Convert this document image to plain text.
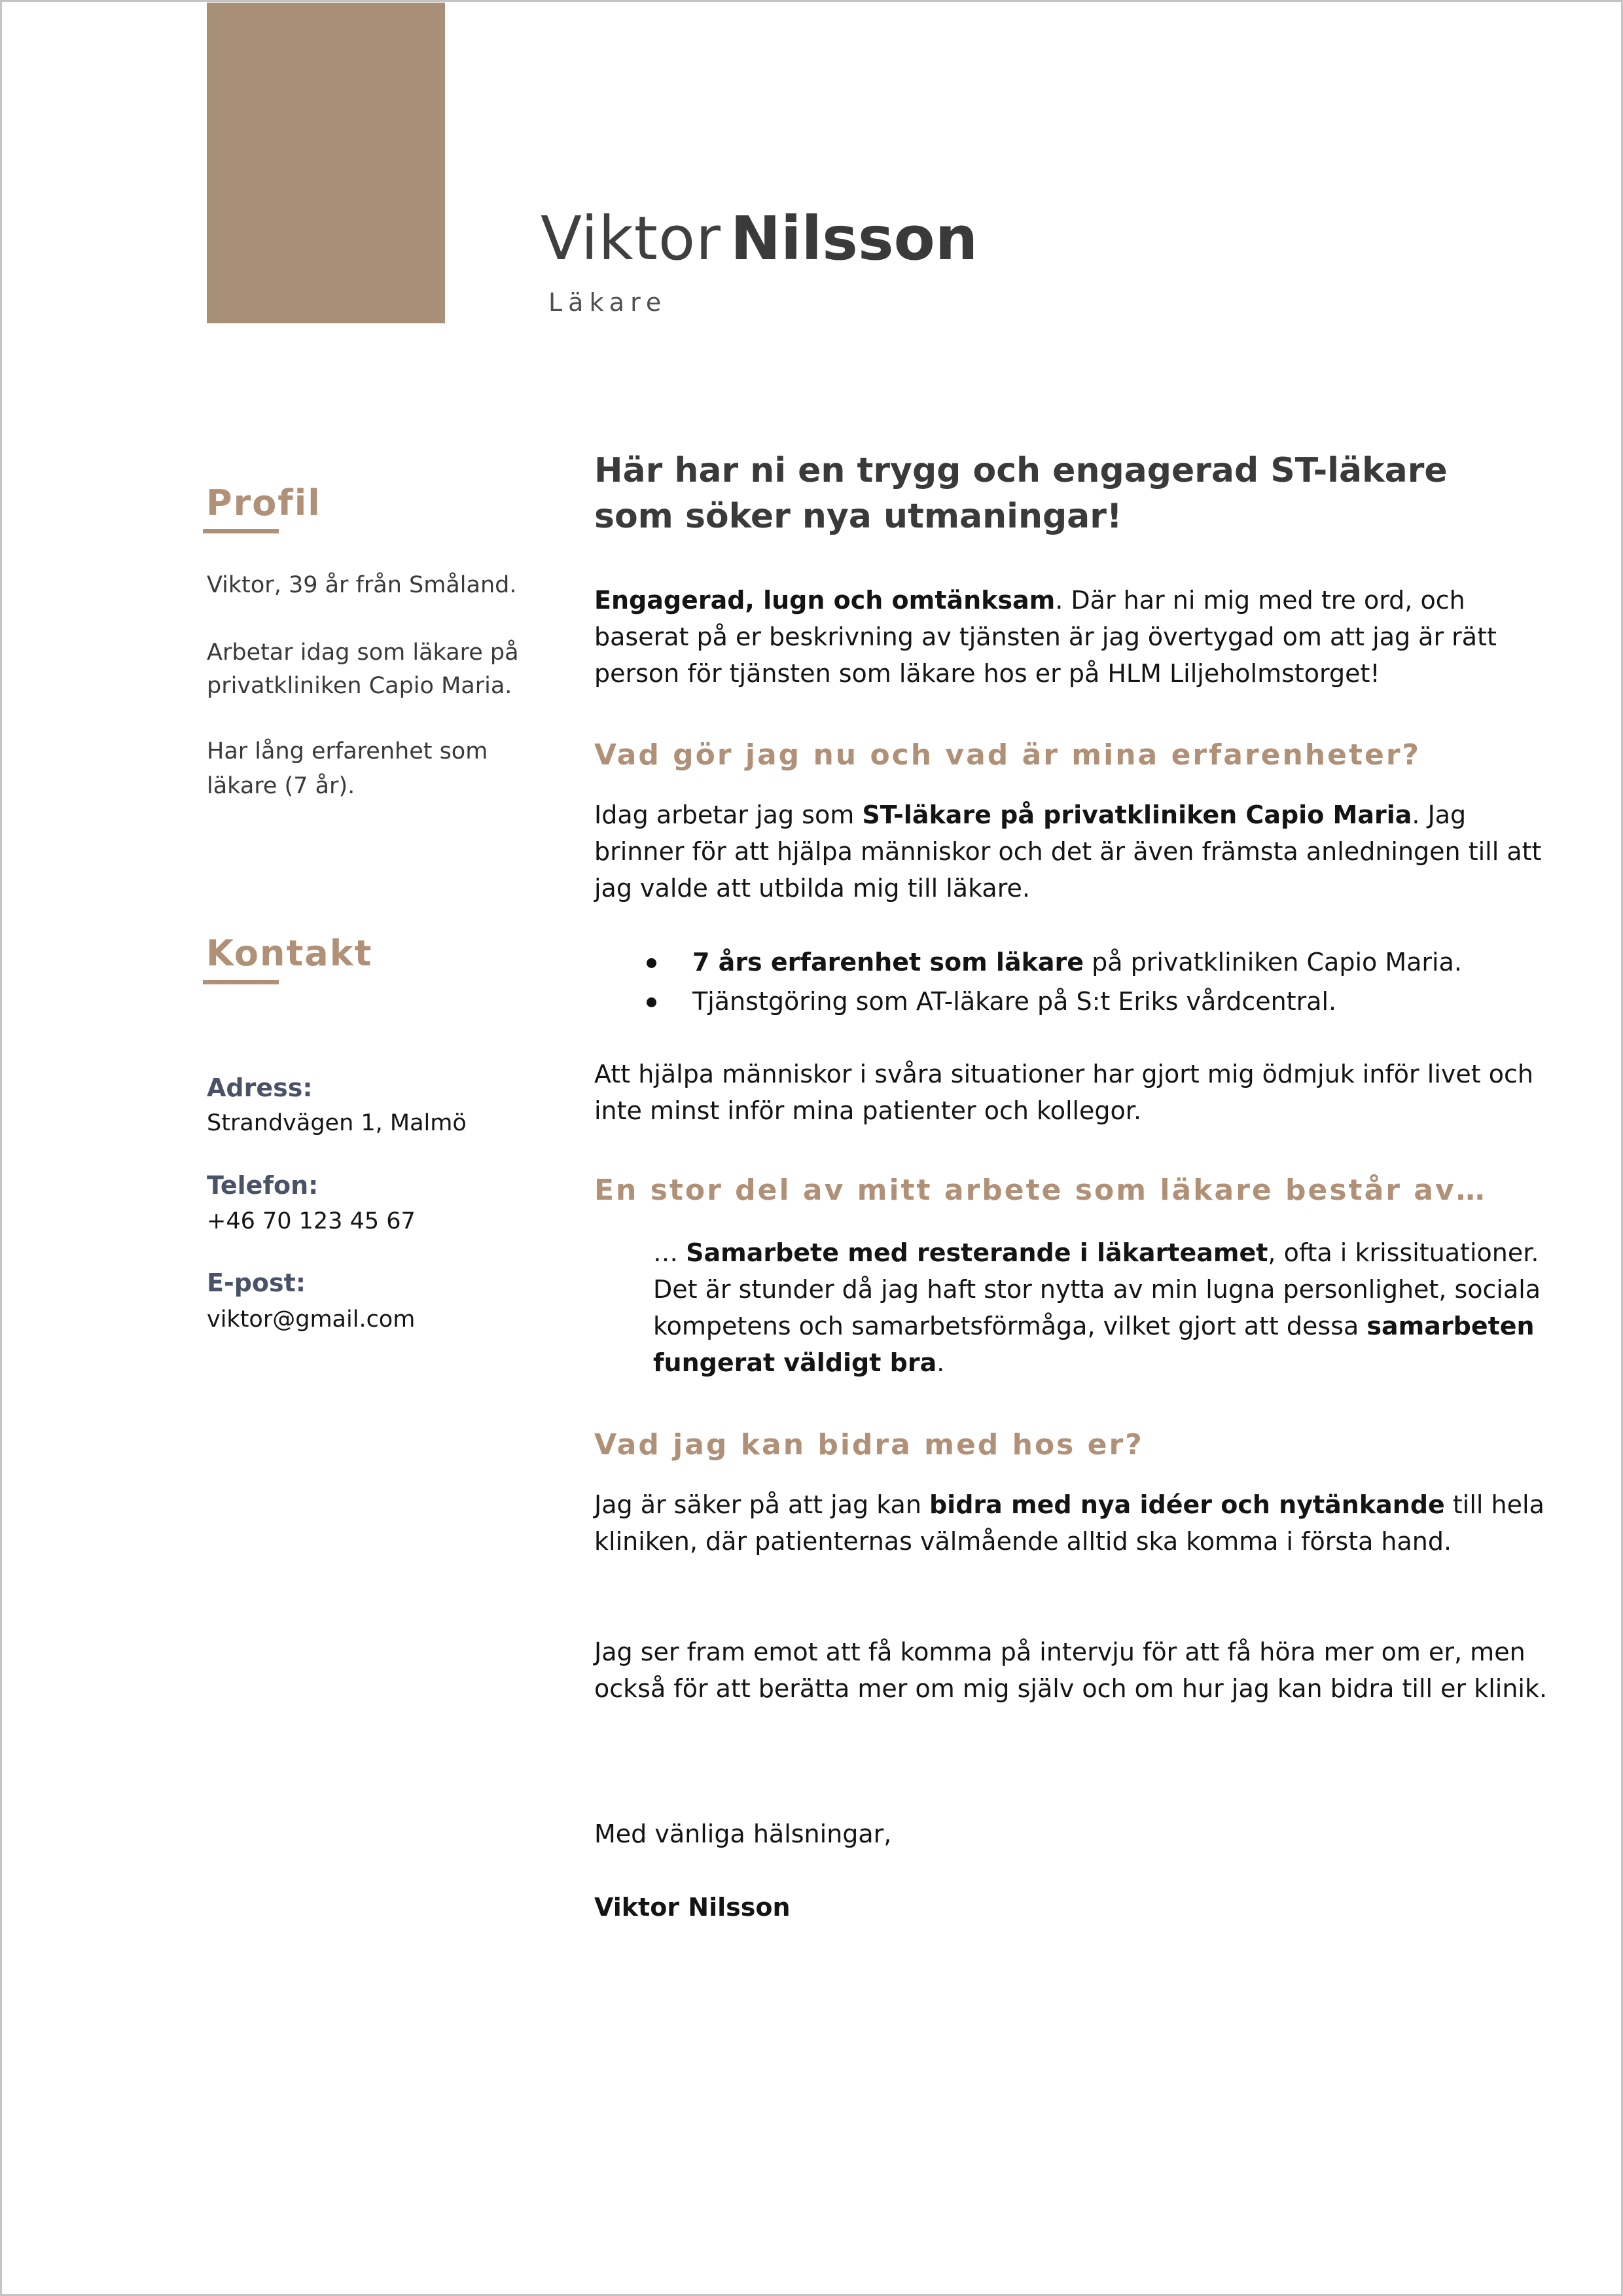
Viktor Nilsson
Läkare
Profil
Viktor, 39 år från Småland.
Arbetar idag som läkare på
privatkliniken Capio Maria.
Har lång erfarenhet som
läkare (7 år).
Kontakt
Adress:
Strandvägen 1, Malmö
Telefon:
+46 70 123 45 67
E-post:
viktor@gmail.com
Här har ni en trygg och engagerad ST-läkare som söker nya utmaningar!

Engagerad, lugn och omtänksam. Där har ni mig med tre ord, och baserat på er beskrivning av tjänsten är jag övertygad om att jag är rätt person för tjänsten som läkare hos er på HLM Liljeholmstorget!

Vad gör jag nu och vad är mina erfarenheter?

Idag arbetar jag som ST-läkare på privatkliniken Capio Maria. Jag brinner för att hjälpa människor och det är även främsta anledningen till att jag valde att utbilda mig till läkare.

7 års erfarenhet som läkare på privatkliniken Capio Maria.
Tjänstgöring som AT-läkare på S:t Eriks vårdcentral.

Att hjälpa människor i svåra situationer har gjort mig ödmjuk inför livet och inte minst inför mina patienter och kollegor.

En stor del av mitt arbete som läkare består av…

… Samarbete med resterande i läkarteamet, ofta i krissituationer. Det är stunder då jag haft stor nytta av min lugna personlighet, sociala kompetens och samarbetsförmåga, vilket gjort att dessa samarbeten fungerat väldigt bra.

Vad jag kan bidra med hos er?

Jag är säker på att jag kan bidra med nya idéer och nytänkande till hela kliniken, där patienternas välmående alltid ska komma i första hand.

Jag ser fram emot att få komma på intervju för att få höra mer om er, men också för att berätta mer om mig själv och om hur jag kan bidra till er klinik.

Med vänliga hälsningar,
Viktor Nilsson
